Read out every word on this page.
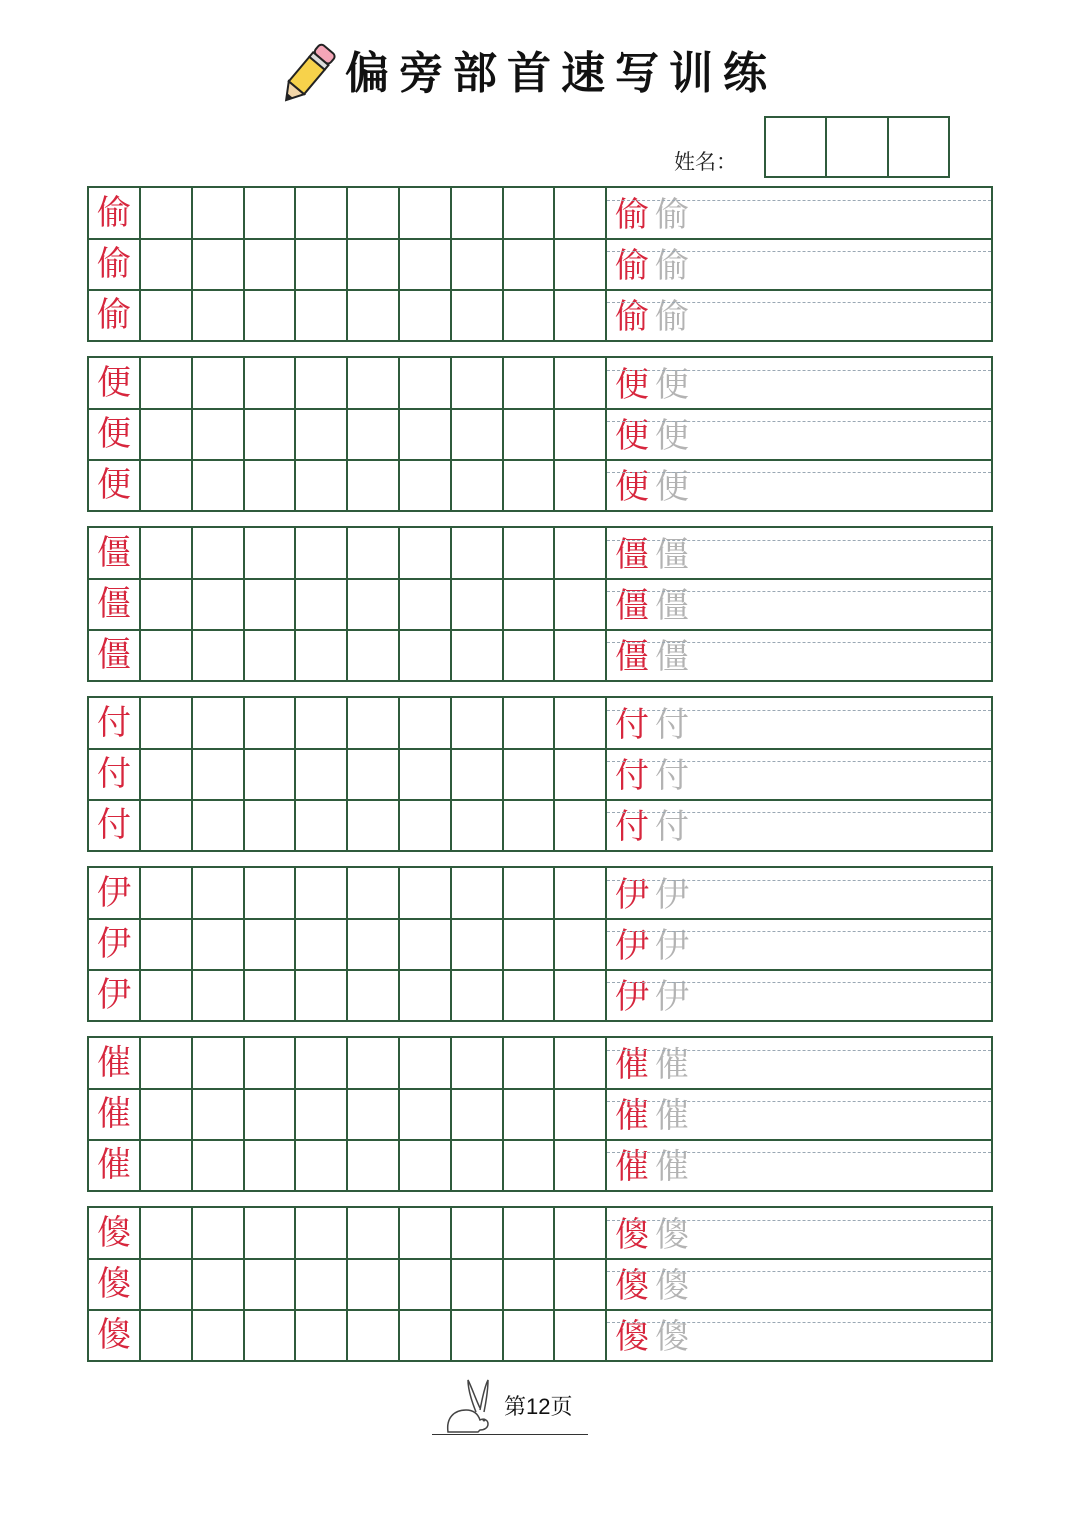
偏旁部首速写训练
姓名：
偷	偷 偷
偷	偷 偷
偷	偷 偷
便	便 便
便	便 便
便	便 便
僵	僵 僵
僵	僵 僵
僵	僵 僵
付	付 付
付	付 付
付	付 付
伊	伊 伊
伊	伊 伊
伊	伊 伊
催	催 催
催	催 催
催	催 催
傻	傻 傻
傻	傻 傻
傻	傻 傻
第12页
